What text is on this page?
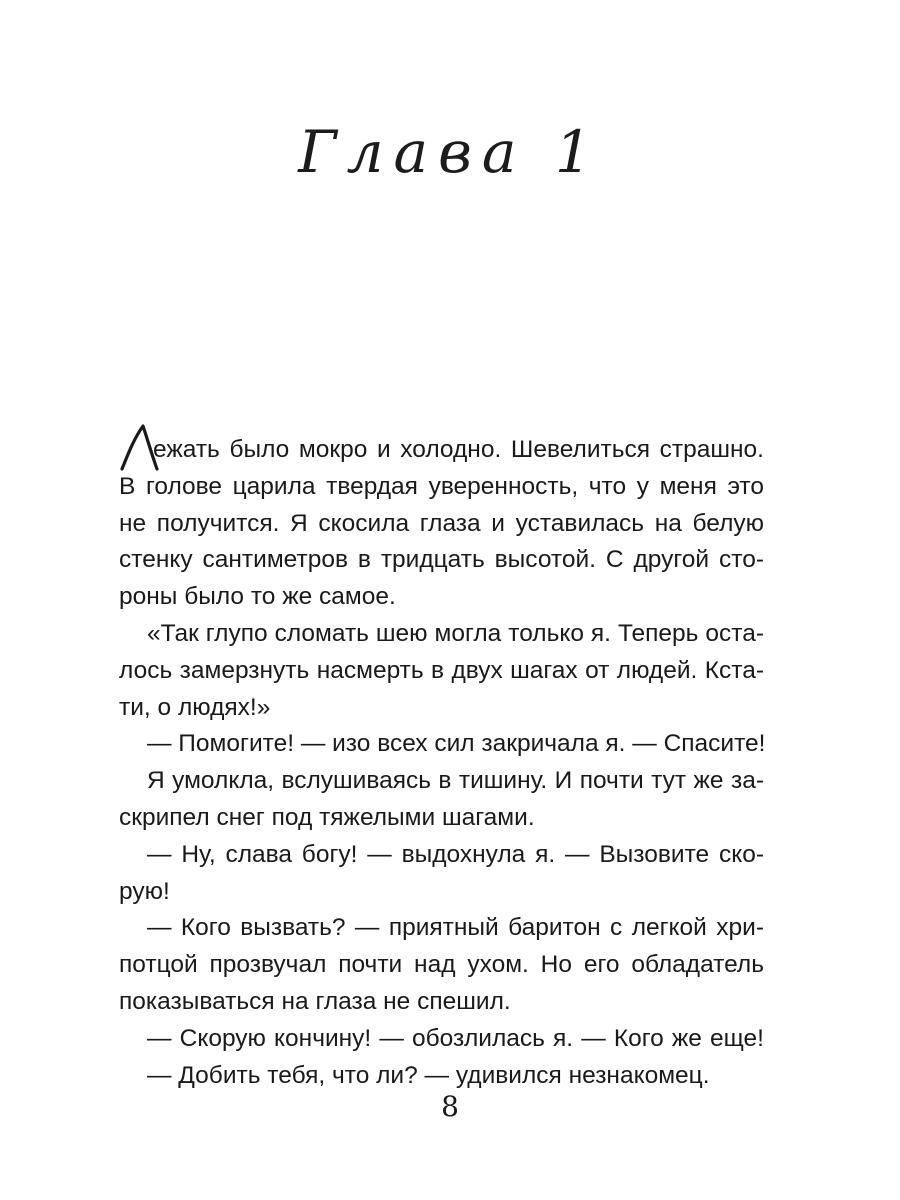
Глава 1
ежать было мокро и холодно. Шевелиться страшно.
В голове царила твердая уверенность, что у меня это
не получится. Я скосила глаза и уставилась на белую
стенку сантиметров в тридцать высотой. С другой сто-
роны было то же самое.
«Так глупо сломать шею могла только я. Теперь оста-
лось замерзнуть насмерть в двух шагах от людей. Кста-
ти, о людях!»
— Помогите! — изо всех сил закричала я. — Спасите!
Я умолкла, вслушиваясь в тишину. И почти тут же за-
скрипел снег под тяжелыми шагами.
— Ну, слава богу! — выдохнула я. — Вызовите ско-
рую!
— Кого вызвать? — приятный баритон с легкой хри-
потцой прозвучал почти над ухом. Но его обладатель
показываться на глаза не спешил.
— Скорую кончину! — обозлилась я. — Кого же еще!
— Добить тебя, что ли? — удивился незнакомец.
8
